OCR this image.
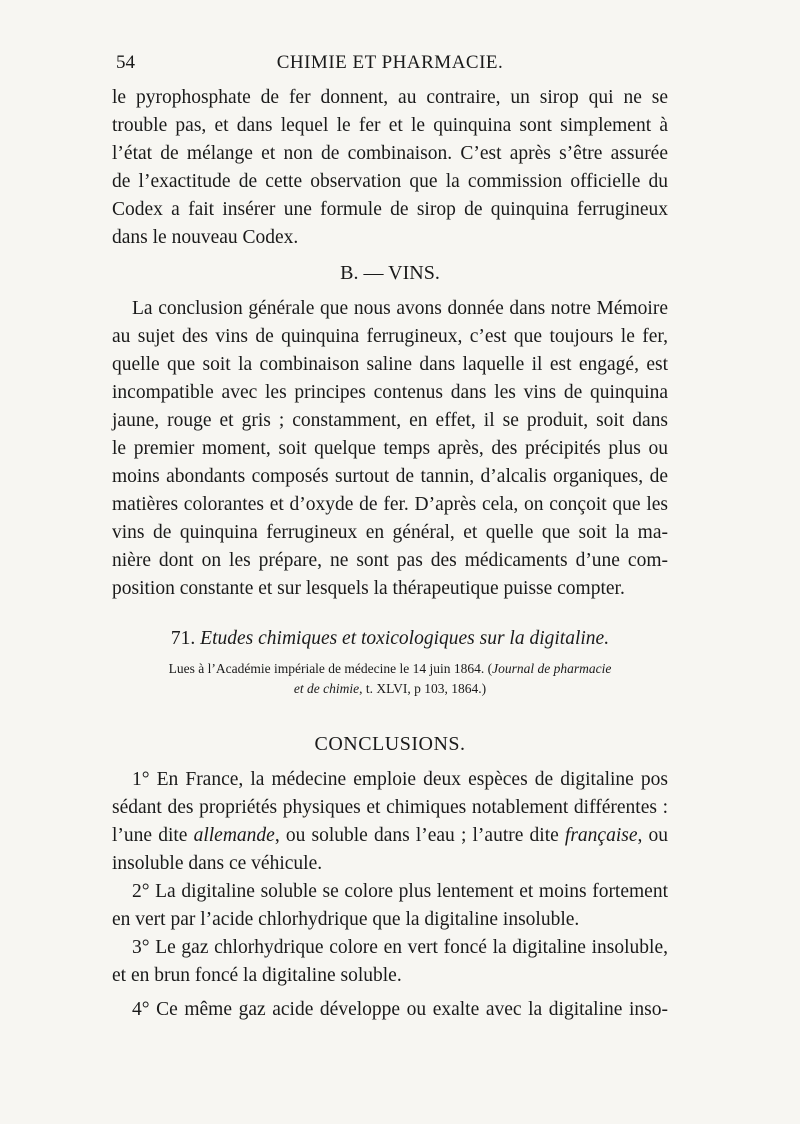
54	CHIMIE ET PHARMACIE.
le pyrophosphate de fer donnent, au contraire, un sirop qui ne se
trouble pas, et dans lequel le fer et le quinquina sont simplement à
l’état de mélange et non de combinaison. C’est après s’être assurée
de l’exactitude de cette observation que la commission officielle du
Codex a fait insérer une formule de sirop de quinquina ferrugineux
dans le nouveau Codex.
B. — VINS.
La conclusion générale que nous avons donnée dans notre Mémoire
au sujet des vins de quinquina ferrugineux, c’est que toujours le fer,
quelle que soit la combinaison saline dans laquelle il est engagé, est
incompatible avec les principes contenus dans les vins de quinquina
jaune, rouge et gris ; constamment, en effet, il se produit, soit dans
le premier moment, soit quelque temps après, des précipités plus ou
moins abondants composés surtout de tannin, d’alcalis organiques, de
matières colorantes et d’oxyde de fer. D’après cela, on conçoit que les
vins de quinquina ferrugineux en général, et quelle que soit la ma-
nière dont on les prépare, ne sont pas des médicaments d’une com-
position constante et sur lesquels la thérapeutique puisse compter.
71. Etudes chimiques et toxicologiques sur la digitaline.
Lues à l’Académie impériale de médecine le 14 juin 1864. (Journal de pharmacie
et de chimie, t. XLVI, p 103, 1864.)
CONCLUSIONS.
1° En France, la médecine emploie deux espèces de digitaline pos
sédant des propriétés physiques et chimiques notablement différentes :
l’une dite allemande, ou soluble dans l’eau ; l’autre dite française, ou
insoluble dans ce véhicule.
2° La digitaline soluble se colore plus lentement et moins fortement
en vert par l’acide chlorhydrique que la digitaline insoluble.
3° Le gaz chlorhydrique colore en vert foncé la digitaline insoluble,
et en brun foncé la digitaline soluble.
4° Ce même gaz acide développe ou exalte avec la digitaline inso-
